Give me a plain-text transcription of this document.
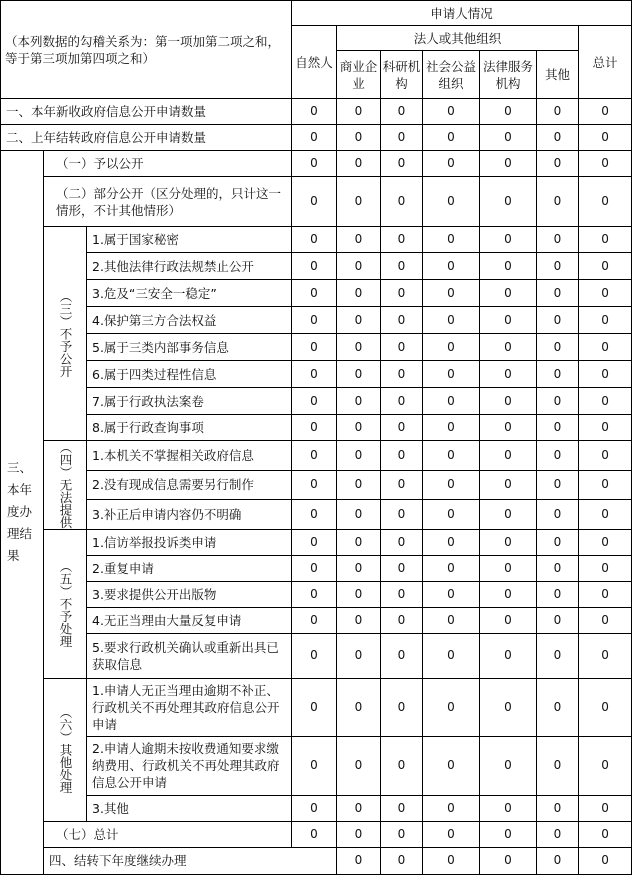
（本列数据的勾稽关系为：第一项加第二项之和，等于第三项加第四项之和）			申请人情况							
			自然人	法人或其他组织					总计	
				商业企业	科研机构	社会公益组织	法律服务机构	其他		
一、本年新收政府信息公开申请数量			0	0	0	0	0	0	0	
二、上年结转政府信息公开申请数量			0	0	0	0	0	0	0	
三、本年度办理结果	（一）予以公开		0	0	0	0	0	0	0	
	（二）部分公开（区分处理的，只计这一情形，不计其他情形）		0	0	0	0	0	0	0	

	（三）不予公开	1.属于国家秘密	0	0	0	0	0	0	0	
		2.其他法律行政法规禁止公开	0	0	0	0	0	0	0	
		3.危及“三安全一稳定”	0	0	0	0	0	0	0	
		4.保护第三方合法权益	0	0	0	0	0	0	0	
		5.属于三类内部事务信息	0	0	0	0	0	0	0	
		6.属于四类过程性信息	0	0	0	0	0	0	0	
		7.属于行政执法案卷	0	0	0	0	0	0	0	
		8.属于行政查询事项	0	0	0	0	0	0	0	

	（四）无法提供	1.本机关不掌握相关政府信息	0	0	0	0	0	0	0	
		2.没有现成信息需要另行制作	0	0	0	0	0	0	0	
		3.补正后申请内容仍不明确	0	0	0	0	0	0	0	

	（五）不予处理	1.信访举报投诉类申请	0	0	0	0	0	0	0	
		2.重复申请	0	0	0	0	0	0	0	
		3.要求提供公开出版物	0	0	0	0	0	0	0	
		4.无正当理由大量反复申请	0	0	0	0	0	0	0	
		5.要求行政机关确认或重新出具已获取信息	0	0	0	0	0	0	0	

	（六）其他处理	1.申请人无正当理由逾期不补正、行政机关不再处理其政府信息公开申请	0	0	0	0	0	0	0	
		2.申请人逾期未按收费通知要求缴纳费用、行政机关不再处理其政府信息公开申请	0	0	0	0	0	0	0	
		3.其他	0	0	0	0	0	0	0	
	（七）总计		0	0	0	0	0	0	0	
	四、结转下年度继续办理			0	0	0	0	0	0	
